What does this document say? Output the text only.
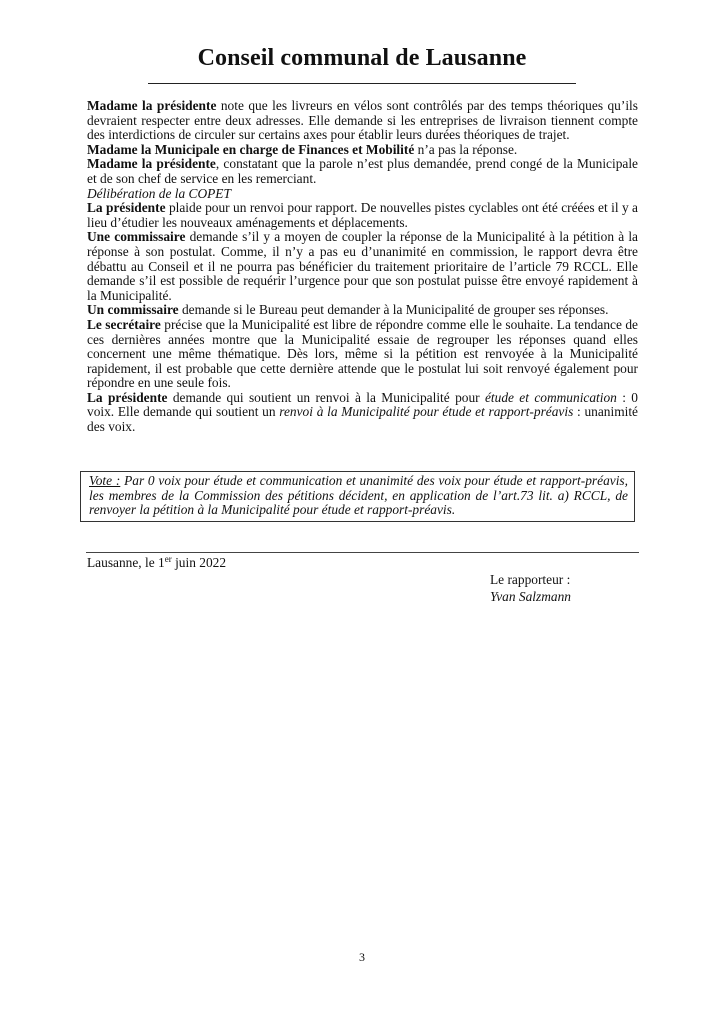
Conseil communal de Lausanne

Madame la présidente note que les livreurs en vélos sont contrôlés par des temps théoriques qu’ils devraient respecter entre deux adresses. Elle demande si les entreprises de livraison tiennent compte des interdictions de circuler sur certains axes pour établir leurs durées théoriques de trajet.

Madame la Municipale en charge de Finances et Mobilité n’a pas la réponse.

Madame la présidente, constatant que la parole n’est plus demandée, prend congé de la Municipale et de son chef de service en les remerciant.

Délibération de la COPET

La présidente plaide pour un renvoi pour rapport. De nouvelles pistes cyclables ont été créées et il y a lieu d’étudier les nouveaux aménagements et déplacements.

Une commissaire demande s’il y a moyen de coupler la réponse de la Municipalité à la pétition à la réponse à son postulat. Comme, il n’y a pas eu d’unanimité en commission, le rapport devra être débattu au Conseil et il ne pourra pas bénéficier du traitement prioritaire de l’article 79 RCCL. Elle demande s’il est possible de requérir l’urgence pour que son postulat puisse être envoyé rapidement à la Municipalité.

Un commissaire demande si le Bureau peut demander à la Municipalité de grouper ses réponses.

Le secrétaire précise que la Municipalité est libre de répondre comme elle le souhaite. La tendance de ces dernières années montre que la Municipalité essaie de regrouper les réponses quand elles concernent une même thématique. Dès lors, même si la pétition est renvoyée à la Municipalité rapidement, il est probable que cette dernière attende que le postulat lui soit renvoyé également pour répondre en une seule fois.

La présidente demande qui soutient un renvoi à la Municipalité pour étude et communication : 0 voix. Elle demande qui soutient un renvoi à la Municipalité pour étude et rapport-préavis : unanimité des voix.

Vote : Par 0 voix pour étude et communication et unanimité des voix pour étude et rapport-préavis, les membres de la Commission des pétitions décident, en application de l’art.73 lit. a) RCCL, de renvoyer la pétition à la Municipalité pour étude et rapport-préavis.
Lausanne, le 1er juin 2022
Le rapporteur :
Yvan Salzmann
3
